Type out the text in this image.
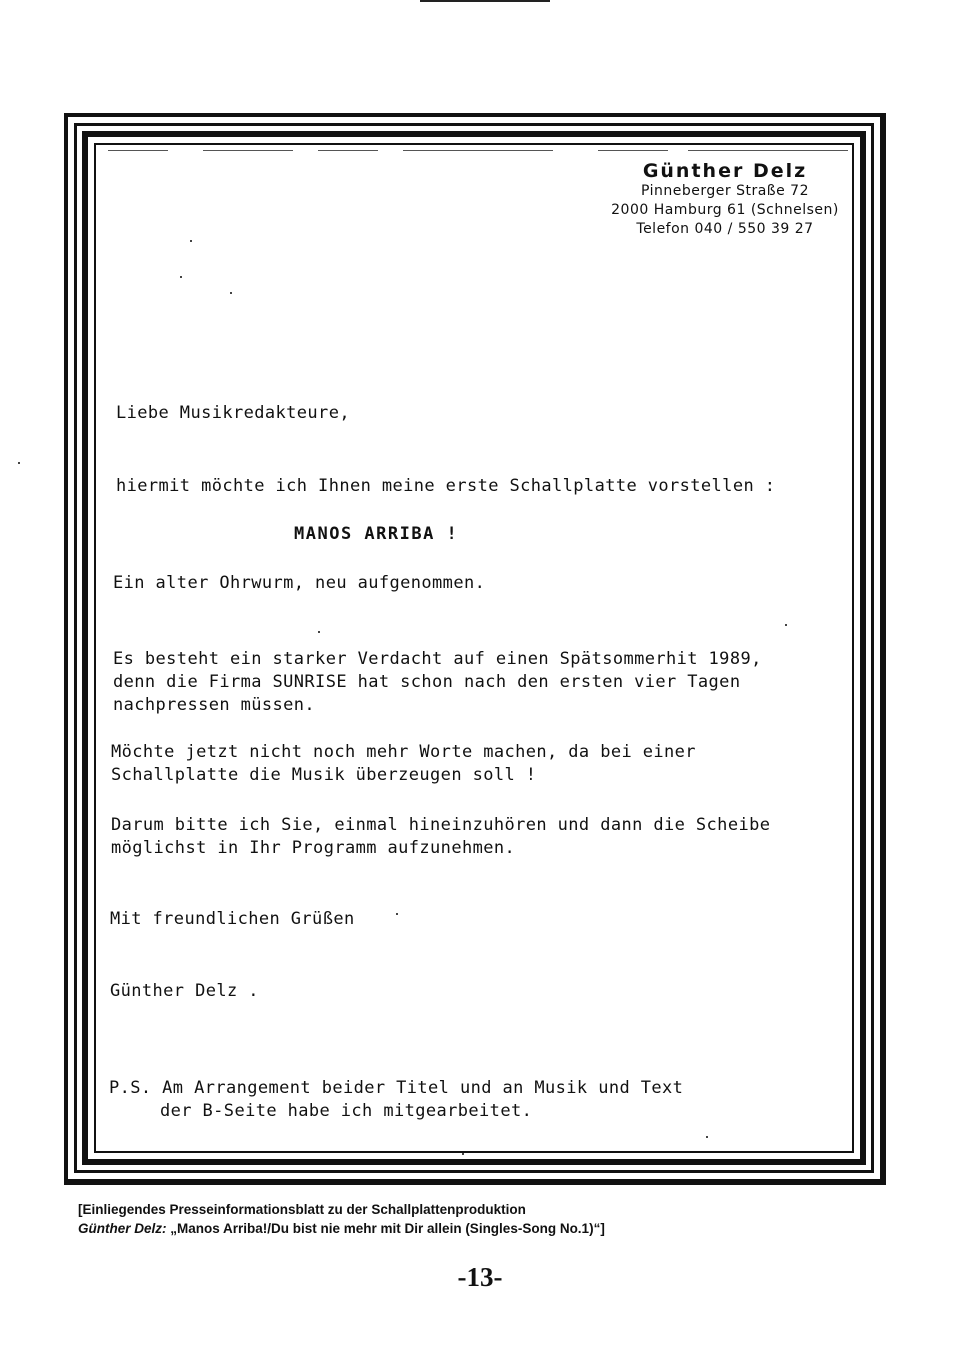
Günther Delz
Pinneberger Straße 72
2000 Hamburg 61 (Schnelsen)
Telefon 040 / 550 39 27
Liebe Musikredakteure,
hiermit möchte ich Ihnen meine erste Schallplatte vorstellen :
MANOS ARRIBA !
Ein alter Ohrwurm, neu aufgenommen.
Es besteht ein starker Verdacht auf einen Spätsommerhit 1989,
denn die Firma SUNRISE hat schon nach den ersten vier Tagen
nachpressen müssen.
Möchte jetzt nicht noch mehr Worte machen, da bei einer
Schallplatte die Musik überzeugen soll !
Darum bitte ich Sie, einmal hineinzuhören und dann die Scheibe
möglichst in Ihr Programm aufzunehmen.
Mit freundlichen Grüßen
Günther Delz .
P.S. Am Arrangement beider Titel und an Musik und Text
der B-Seite habe ich mitgearbeitet.
[Einliegendes Presseinformationsblatt zu der Schallplattenproduktion
Günther Delz: „Manos Arriba!/Du bist nie mehr mit Dir allein (Singles-Song No.1)“]
-13-
